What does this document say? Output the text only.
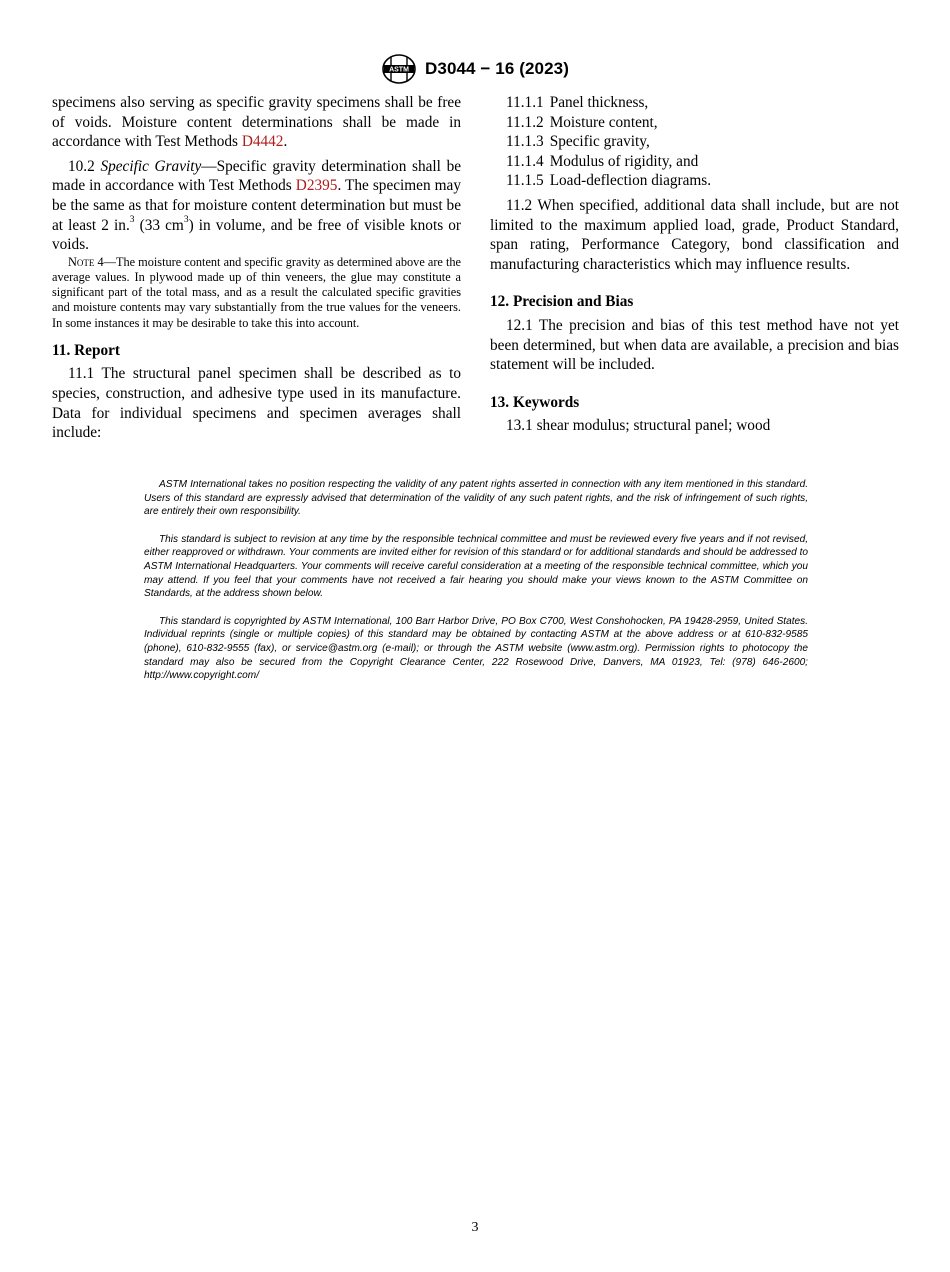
ASTM D3044 − 16 (2023)

specimens also serving as specific gravity specimens shall be free of voids. Moisture content determinations shall be made in accordance with Test Methods D4442.

10.2 Specific Gravity—Specific gravity determination shall be made in accordance with Test Methods D2395. The specimen may be the same as that for moisture content determination but must be at least 2 in.$^3$ (33 $cm^3$) in volume, and be free of visible knots or voids.

Note 4—The moisture content and specific gravity as determined above are the average values. In plywood made up of thin veneers, the glue may constitute a significant part of the total mass, and as a result the calculated specific gravities and moisture contents may vary substantially from the true values for the veneers. In some instances it may be desirable to take this into account.

11. Report

11.1 The structural panel specimen shall be described as to species, construction, and adhesive type used in its manufacture. Data for individual specimens and specimen averages shall include:

11.1.1 Panel thickness,
11.1.2 Moisture content,
11.1.3 Specific gravity,
11.1.4 Modulus of rigidity, and
11.1.5 Load-deflection diagrams.

11.2 When specified, additional data shall include, but are not limited to the maximum applied load, grade, Product Standard, span rating, Performance Category, bond classification and manufacturing characteristics which may influence results.

12. Precision and Bias

12.1 The precision and bias of this test method have not yet been determined, but when data are available, a precision and bias statement will be included.

13. Keywords

13.1 shear modulus; structural panel; wood

ASTM International takes no position respecting the validity of any patent rights asserted in connection with any item mentioned in this standard. Users of this standard are expressly advised that determination of the validity of any such patent rights, and the risk of infringement of such rights, are entirely their own responsibility.

This standard is subject to revision at any time by the responsible technical committee and must be reviewed every five years and if not revised, either reapproved or withdrawn. Your comments are invited either for revision of this standard or for additional standards and should be addressed to ASTM International Headquarters. Your comments will receive careful consideration at a meeting of the responsible technical committee, which you may attend. If you feel that your comments have not received a fair hearing you should make your views known to the ASTM Committee on Standards, at the address shown below.

This standard is copyrighted by ASTM International, 100 Barr Harbor Drive, PO Box C700, West Conshohocken, PA 19428-2959, United States. Individual reprints (single or multiple copies) of this standard may be obtained by contacting ASTM at the above address or at 610-832-9585 (phone), 610-832-9555 (fax), or service@astm.org (e-mail); or through the ASTM website (www.astm.org). Permission rights to photocopy the standard may also be secured from the Copyright Clearance Center, 222 Rosewood Drive, Danvers, MA 01923, Tel: (978) 646-2600; http://www.copyright.com/

3
